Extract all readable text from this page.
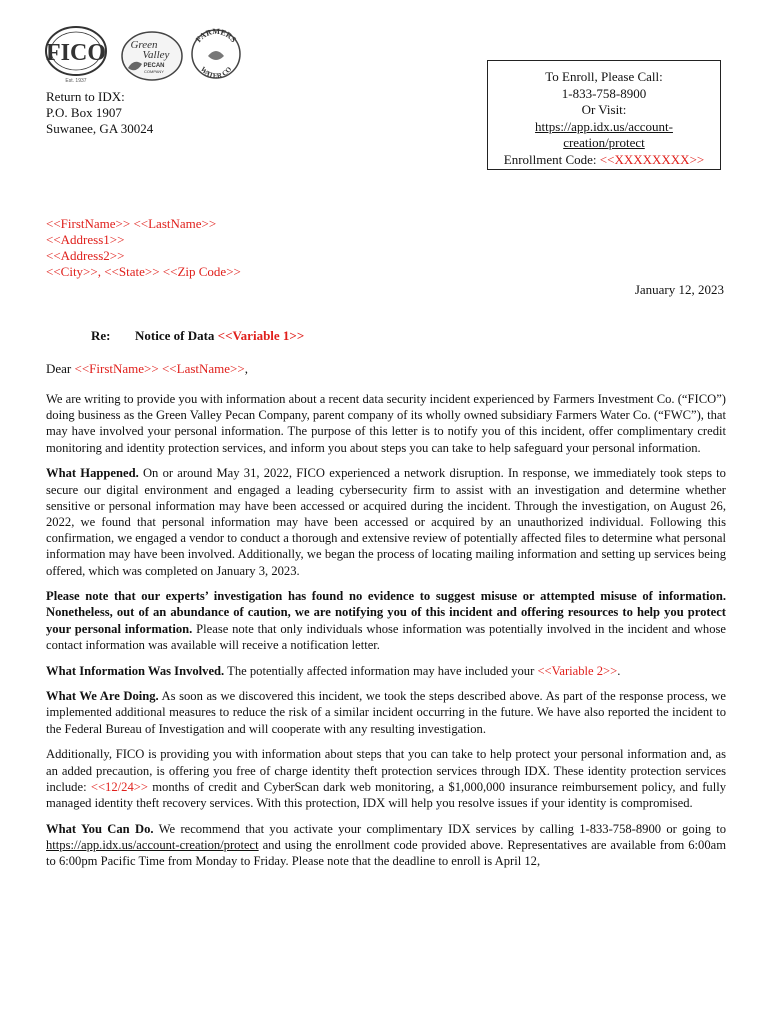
FICO
Est. 1937
Green
Valley
PECAN
COMPANY
FARMERS
WATER CO
Return to IDX:
P.O. Box 1907
Suwanee, GA 30024
To Enroll, Please Call:
1-833-758-8900
Or Visit:
https://app.idx.us/account-
creation/protect
Enrollment Code: <<XXXXXXXX>>
<<FirstName>> <<LastName>>
<<Address1>>
<<Address2>>
<<City>>, <<State>> <<Zip Code>>
January 12, 2023
Re: Notice of Data <<Variable 1>>
Dear <<FirstName>> <<LastName>>,

We are writing to provide you with information about a recent data security incident experienced by Farmers Investment Co. (“FICO”) doing business as the Green Valley Pecan Company, parent company of its wholly owned subsidiary Farmers Water Co. (“FWC”), that may have involved your personal information. The purpose of this letter is to notify you of this incident, offer complimentary credit monitoring and identity protection services, and inform you about steps you can take to help safeguard your personal information.

What Happened. On or around May 31, 2022, FICO experienced a network disruption. In response, we immediately took steps to secure our digital environment and engaged a leading cybersecurity firm to assist with an investigation and determine whether sensitive or personal information may have been accessed or acquired during the incident. Through the investigation, on August 26, 2022, we found that personal information may have been accessed or acquired by an unauthorized individual. Following this confirmation, we engaged a vendor to conduct a thorough and extensive review of potentially affected files to determine what personal information may have been involved. Additionally, we began the process of locating mailing information and setting up services being offered, which was completed on January 3, 2023.

Please note that our experts’ investigation has found no evidence to suggest misuse or attempted misuse of information. Nonetheless, out of an abundance of caution, we are notifying you of this incident and offering resources to help you protect your personal information. Please note that only individuals whose information was potentially involved in the incident and whose contact information was available will receive a notification letter.

What Information Was Involved. The potentially affected information may have included your <<Variable 2>>.

What We Are Doing. As soon as we discovered this incident, we took the steps described above. As part of the response process, we implemented additional measures to reduce the risk of a similar incident occurring in the future. We have also reported the incident to the Federal Bureau of Investigation and will cooperate with any resulting investigation.

Additionally, FICO is providing you with information about steps that you can take to help protect your personal information and, as an added precaution, is offering you free of charge identity theft protection services through IDX. These identity protection services include: <<12/24>> months of credit and CyberScan dark web monitoring, a $1,000,000 insurance reimbursement policy, and fully managed identity theft recovery services. With this protection, IDX will help you resolve issues if your identity is compromised.

What You Can Do. We recommend that you activate your complimentary IDX services by calling 1-833-758-8900 or going to https://app.idx.us/account-creation/protect and using the enrollment code provided above. Representatives are available from 6:00am to 6:00pm Pacific Time from Monday to Friday. Please note that the deadline to enroll is April 12,
